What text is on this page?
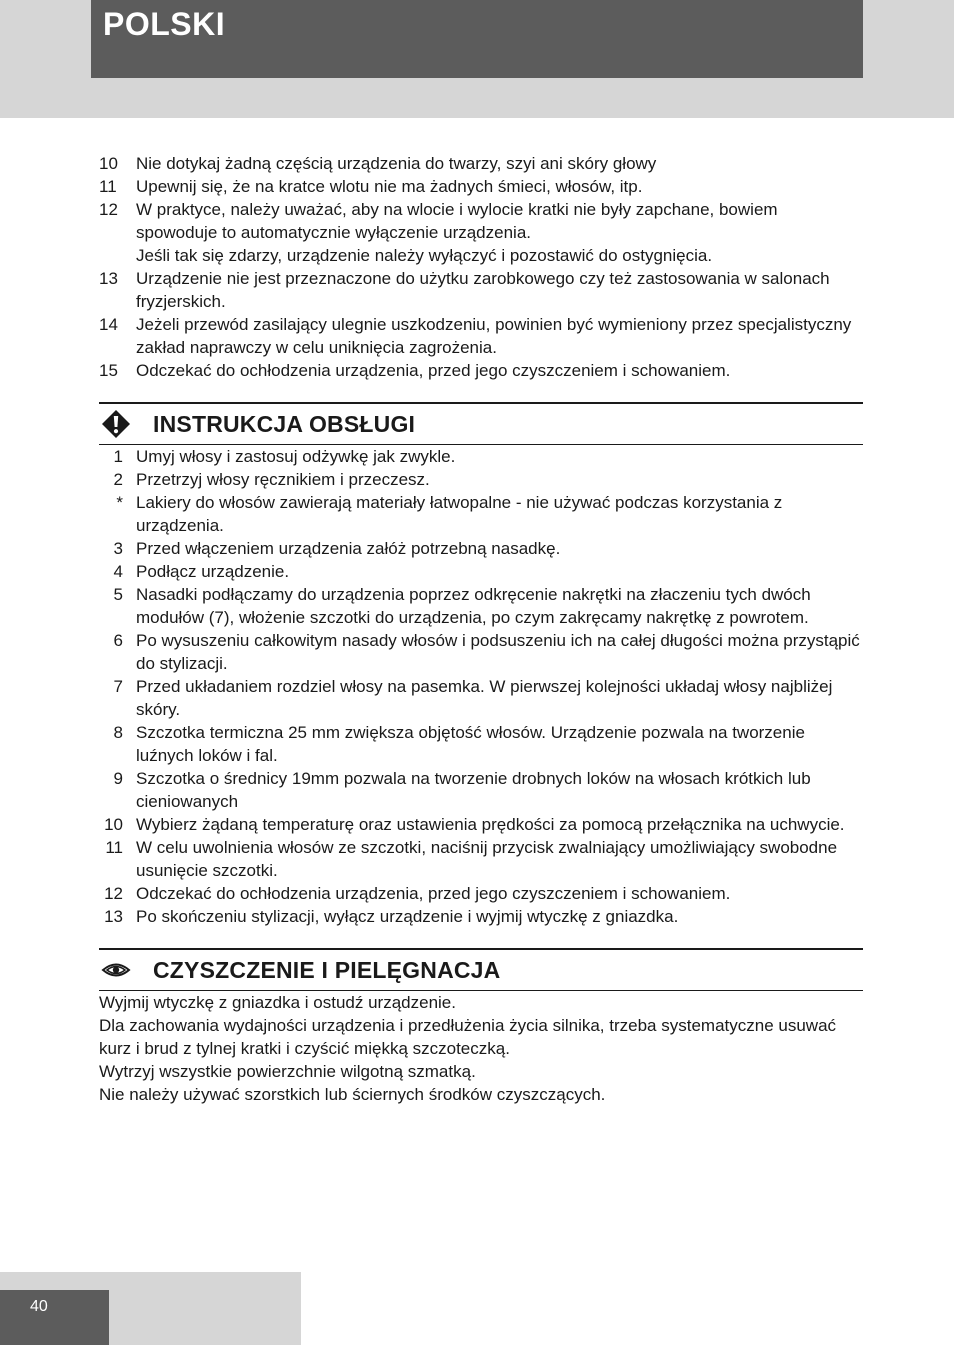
POLSKI
10 Nie dotykaj żadną częścią urządzenia do twarzy, szyi ani skóry głowy
11 Upewnij się, że na kratce wlotu nie ma żadnych śmieci, włosów, itp.
12 W praktyce, należy uważać, aby na wlocie i wylocie kratki nie były zapchane, bowiem spowoduje to automatycznie wyłączenie urządzenia.
Jeśli tak się zdarzy, urządzenie należy wyłączyć i pozostawić do ostygnięcia.
13 Urządzenie nie jest przeznaczone do użytku zarobkowego czy też zastosowania w salonach fryzjerskich.
14 Jeżeli przewód zasilający ulegnie uszkodzeniu, powinien być wymieniony przez specjalistyczny zakład naprawczy w celu uniknięcia zagrożenia.
15 Odczekać do ochłodzenia urządzenia, przed jego czyszczeniem i schowaniem.
INSTRUKCJA OBSŁUGI
1 Umyj włosy i zastosuj odżywkę jak zwykle.
2 Przetrzyj włosy ręcznikiem i przeczesz.
* Lakiery do włosów zawierają materiały łatwopalne - nie używać podczas korzystania z urządzenia.
3 Przed włączeniem urządzenia załóż potrzebną nasadkę.
4 Podłącz urządzenie.
5 Nasadki podłączamy do urządzenia poprzez odkręcenie nakrętki na złaczeniu tych dwóch modułów (7), włożenie szczotki do urządzenia, po czym zakręcamy nakrętkę z powrotem.
6 Po wysuszeniu całkowitym nasady włosów i podsuszeniu ich na całej długości można przystąpić do stylizacji.
7 Przed układaniem rozdziel włosy na pasemka. W pierwszej kolejności układaj włosy najbliżej skóry.
8 Szczotka termiczna 25 mm zwiększa objętość włosów. Urządzenie pozwala na tworzenie luźnych loków i fal.
9 Szczotka o średnicy 19mm pozwala na tworzenie drobnych loków na włosach krótkich lub cieniowanych
10 Wybierz żądaną temperaturę oraz ustawienia prędkości za pomocą przełącznika na uchwycie.
11 W celu uwolnienia włosów ze szczotki, naciśnij przycisk zwalniający umożliwiający swobodne usunięcie szczotki.
12 Odczekać do ochłodzenia urządzenia, przed jego czyszczeniem i schowaniem.
13 Po skończeniu stylizacji, wyłącz urządzenie i wyjmij wtyczkę z gniazdka.
CZYSZCZENIE I PIELĘGNACJA

Wyjmij wtyczkę z gniazdka i ostudź urządzenie.

Dla zachowania wydajności urządzenia i przedłużenia życia silnika, trzeba systematyczne usuwać kurz i brud z tylnej kratki i czyścić miękką szczoteczką.

Wytrzyj wszystkie powierzchnie wilgotną szmatką.

Nie należy używać szorstkich lub ściernych środków czyszczących.

40
